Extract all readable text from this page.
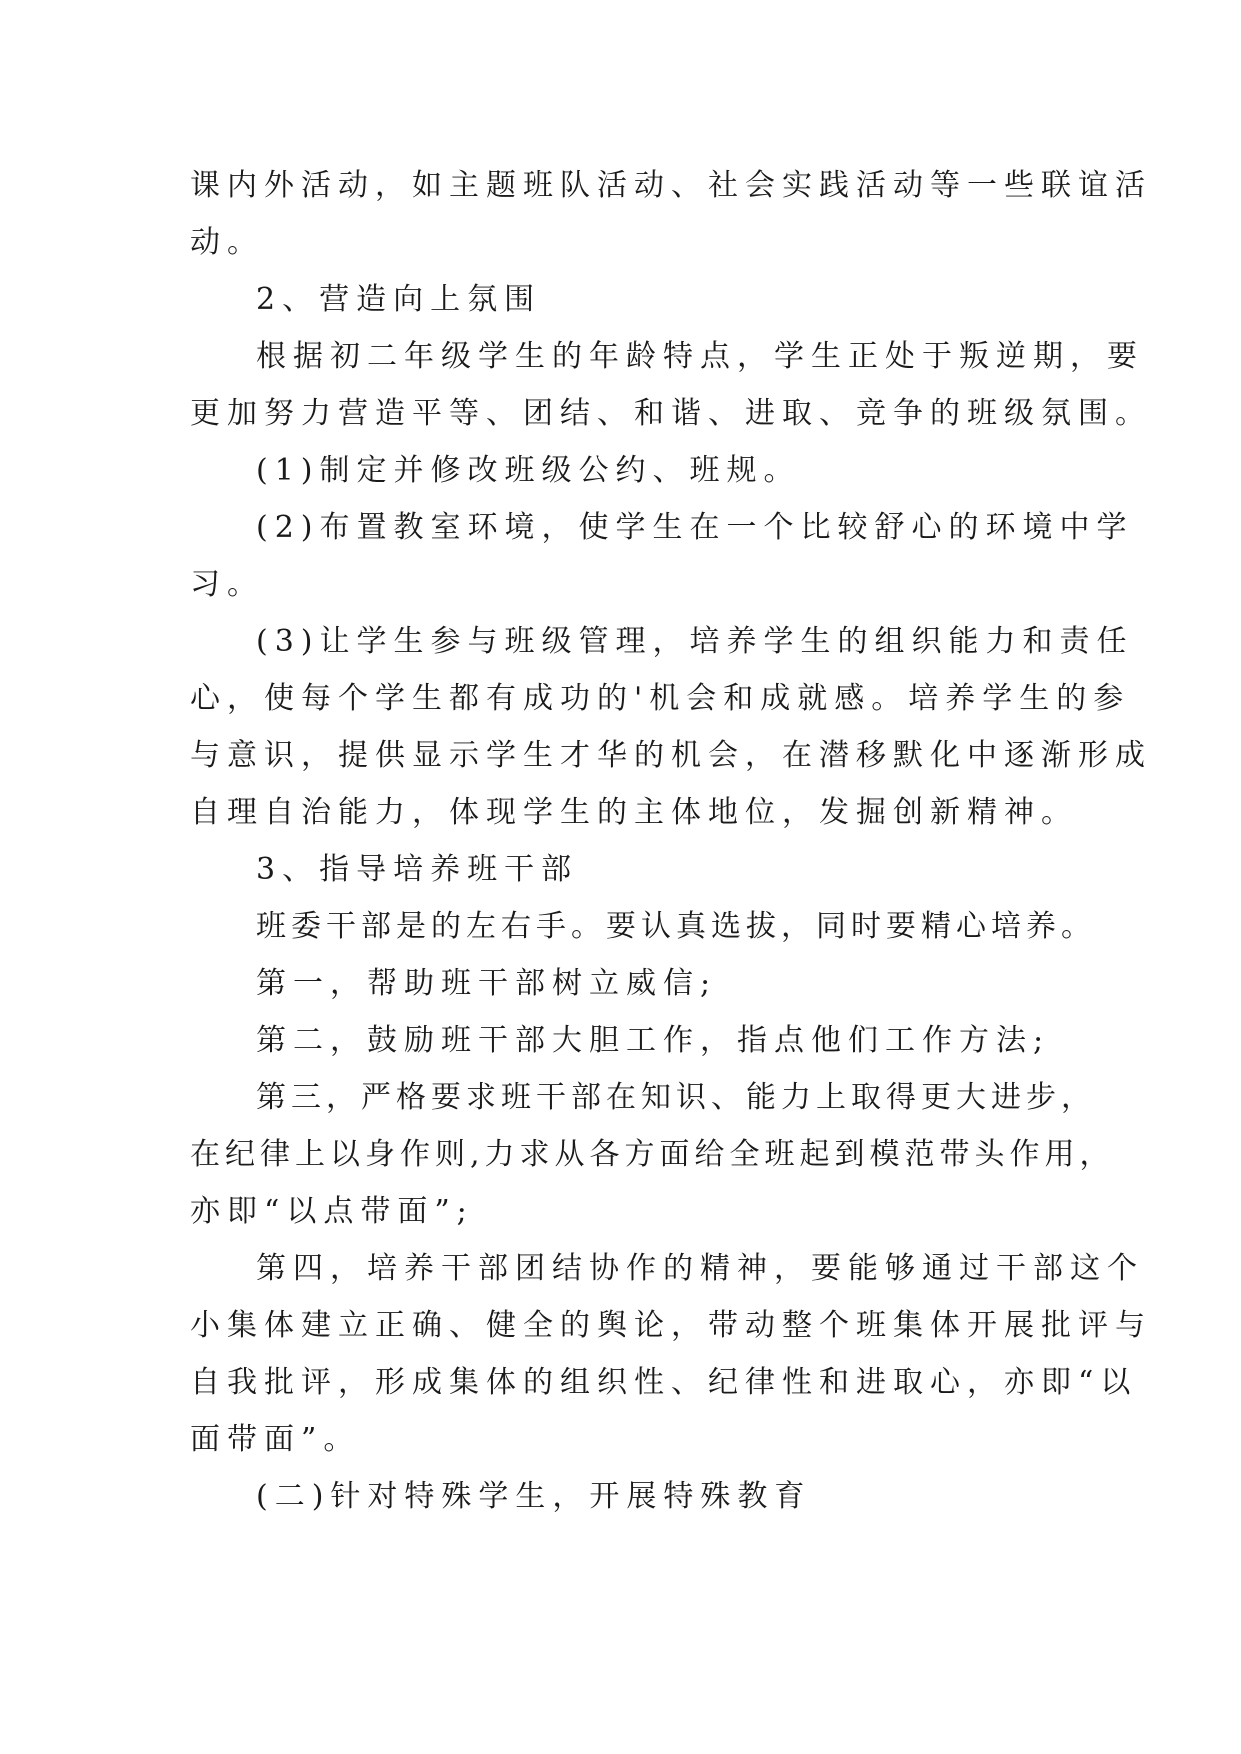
课内外活动，如主题班队活动、社会实践活动等一些联谊活
动。
2、营造向上氛围
根据初二年级学生的年龄特点，学生正处于叛逆期，要
更加努力营造平等、团结、和谐、进取、竞争的班级氛围。
(1)制定并修改班级公约、班规。
(2)布置教室环境，使学生在一个比较舒心的环境中学
习。
(3)让学生参与班级管理，培养学生的组织能力和责任
心，使每个学生都有成功的'机会和成就感。培养学生的参
与意识，提供显示学生才华的机会，在潜移默化中逐渐形成
自理自治能力，体现学生的主体地位，发掘创新精神。
3、指导培养班干部
班委干部是的左右手。要认真选拔，同时要精心培养。
第一，帮助班干部树立威信;
第二，鼓励班干部大胆工作，指点他们工作方法;
第三，严格要求班干部在知识、能力上取得更大进步，
在纪律上以身作则,力求从各方面给全班起到模范带头作用，
亦即“以点带面”;
第四，培养干部团结协作的精神，要能够通过干部这个
小集体建立正确、健全的舆论，带动整个班集体开展批评与
自我批评，形成集体的组织性、纪律性和进取心，亦即“以
面带面”。
(二)针对特殊学生，开展特殊教育
